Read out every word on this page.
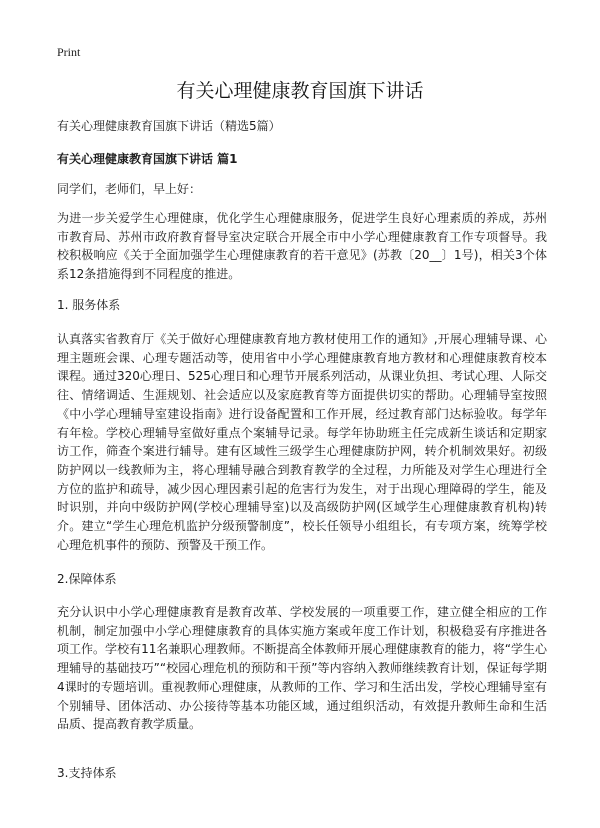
Print
有关心理健康教育国旗下讲话
有关心理健康教育国旗下讲话（精选5篇）
有关心理健康教育国旗下讲话 篇1
同学们，老师们，早上好：

为进一步关爱学生心理健康，优化学生心理健康服务，促进学生良好心理素质的养成，苏州市教育局、苏州市政府教育督导室决定联合开展全市中小学心理健康教育工作专项督导。我校积极响应《关于全面加强学生心理健康教育的若干意见》(苏教〔20__〕1号)，相关3个体系12条措施得到不同程度的推进。

1. 服务体系

认真落实省教育厅《关于做好心理健康教育地方教材使用工作的通知》,开展心理辅导课、心理主题班会课、心理专题活动等，使用省中小学心理健康教育地方教材和心理健康教育校本课程。通过320心理日、525心理日和心理节开展系列活动，从课业负担、考试心理、人际交往、情绪调适、生涯规划、社会适应以及家庭教育等方面提供切实的帮助。心理辅导室按照《中小学心理辅导室建设指南》进行设备配置和工作开展，经过教育部门达标验收。每学年有年检。学校心理辅导室做好重点个案辅导记录。每学年协助班主任完成新生谈话和定期家访工作，筛查个案进行辅导。建有区域性三级学生心理健康防护网，转介机制效果好。初级防护网以一线教师为主，将心理辅导融合到教育教学的全过程，力所能及对学生心理进行全方位的监护和疏导，减少因心理因素引起的危害行为发生，对于出现心理障碍的学生，能及时识别，并向中级防护网(学校心理辅导室)以及高级防护网(区域学生心理健康教育机构)转介。建立“学生心理危机监护分级预警制度”，校长任领导小组组长，有专项方案，统筹学校心理危机事件的预防、预警及干预工作。

2.保障体系

充分认识中小学心理健康教育是教育改革、学校发展的一项重要工作，建立健全相应的工作机制，制定加强中小学心理健康教育的具体实施方案或年度工作计划，积极稳妥有序推进各项工作。学校有11名兼职心理教师。不断提高全体教师开展心理健康教育的能力，将“学生心理辅导的基础技巧”“校园心理危机的预防和干预”等内容纳入教师继续教育计划，保证每学期4课时的专题培训。重视教师心理健康，从教师的工作、学习和生活出发，学校心理辅导室有个别辅导、团体活动、办公接待等基本功能区域，通过组织活动，有效提升教师生命和生活品质、提高教育教学质量。

3.支持体系
